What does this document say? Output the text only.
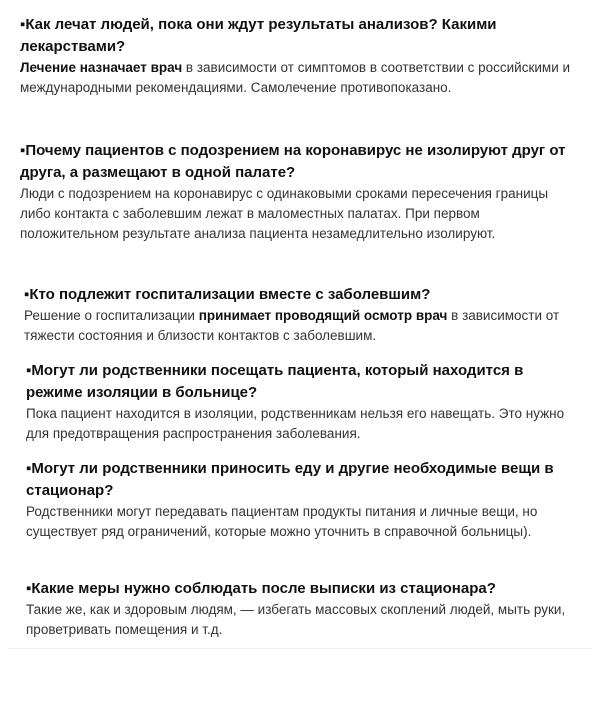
▪Как лечат людей, пока они ждут результаты анализов? Какими лекарствами?
Лечение назначает врач в зависимости от симптомов в соответствии с российскими и международными рекомендациями. Самолечение противопоказано.
▪Почему пациентов с подозрением на коронавирус не изолируют друг от друга, а размещают в одной палате?
Люди с подозрением на коронавирус с одинаковыми сроками пересечения границы либо контакта с заболевшим лежат в маломестных палатах. При первом положительном результате анализа пациента незамедлительно изолируют.
▪Кто подлежит госпитализации вместе с заболевшим?
Решение о госпитализации принимает проводящий осмотр врач в зависимости от тяжести состояния и близости контактов с заболевшим.
▪Могут ли родственники посещать пациента, который находится в режиме изоляции в больнице?
Пока пациент находится в изоляции, родственникам нельзя его навещать. Это нужно для предотвращения распространения заболевания.
▪Могут ли родственники приносить еду и другие необходимые вещи в стационар?
Родственники могут передавать пациентам продукты питания и личные вещи, но существует ряд ограничений, которые можно уточнить в справочной больницы).
▪Какие меры нужно соблюдать после выписки из стационара?
Такие же, как и здоровым людям, — избегать массовых скоплений людей, мыть руки, проветривать помещения и т.д.
